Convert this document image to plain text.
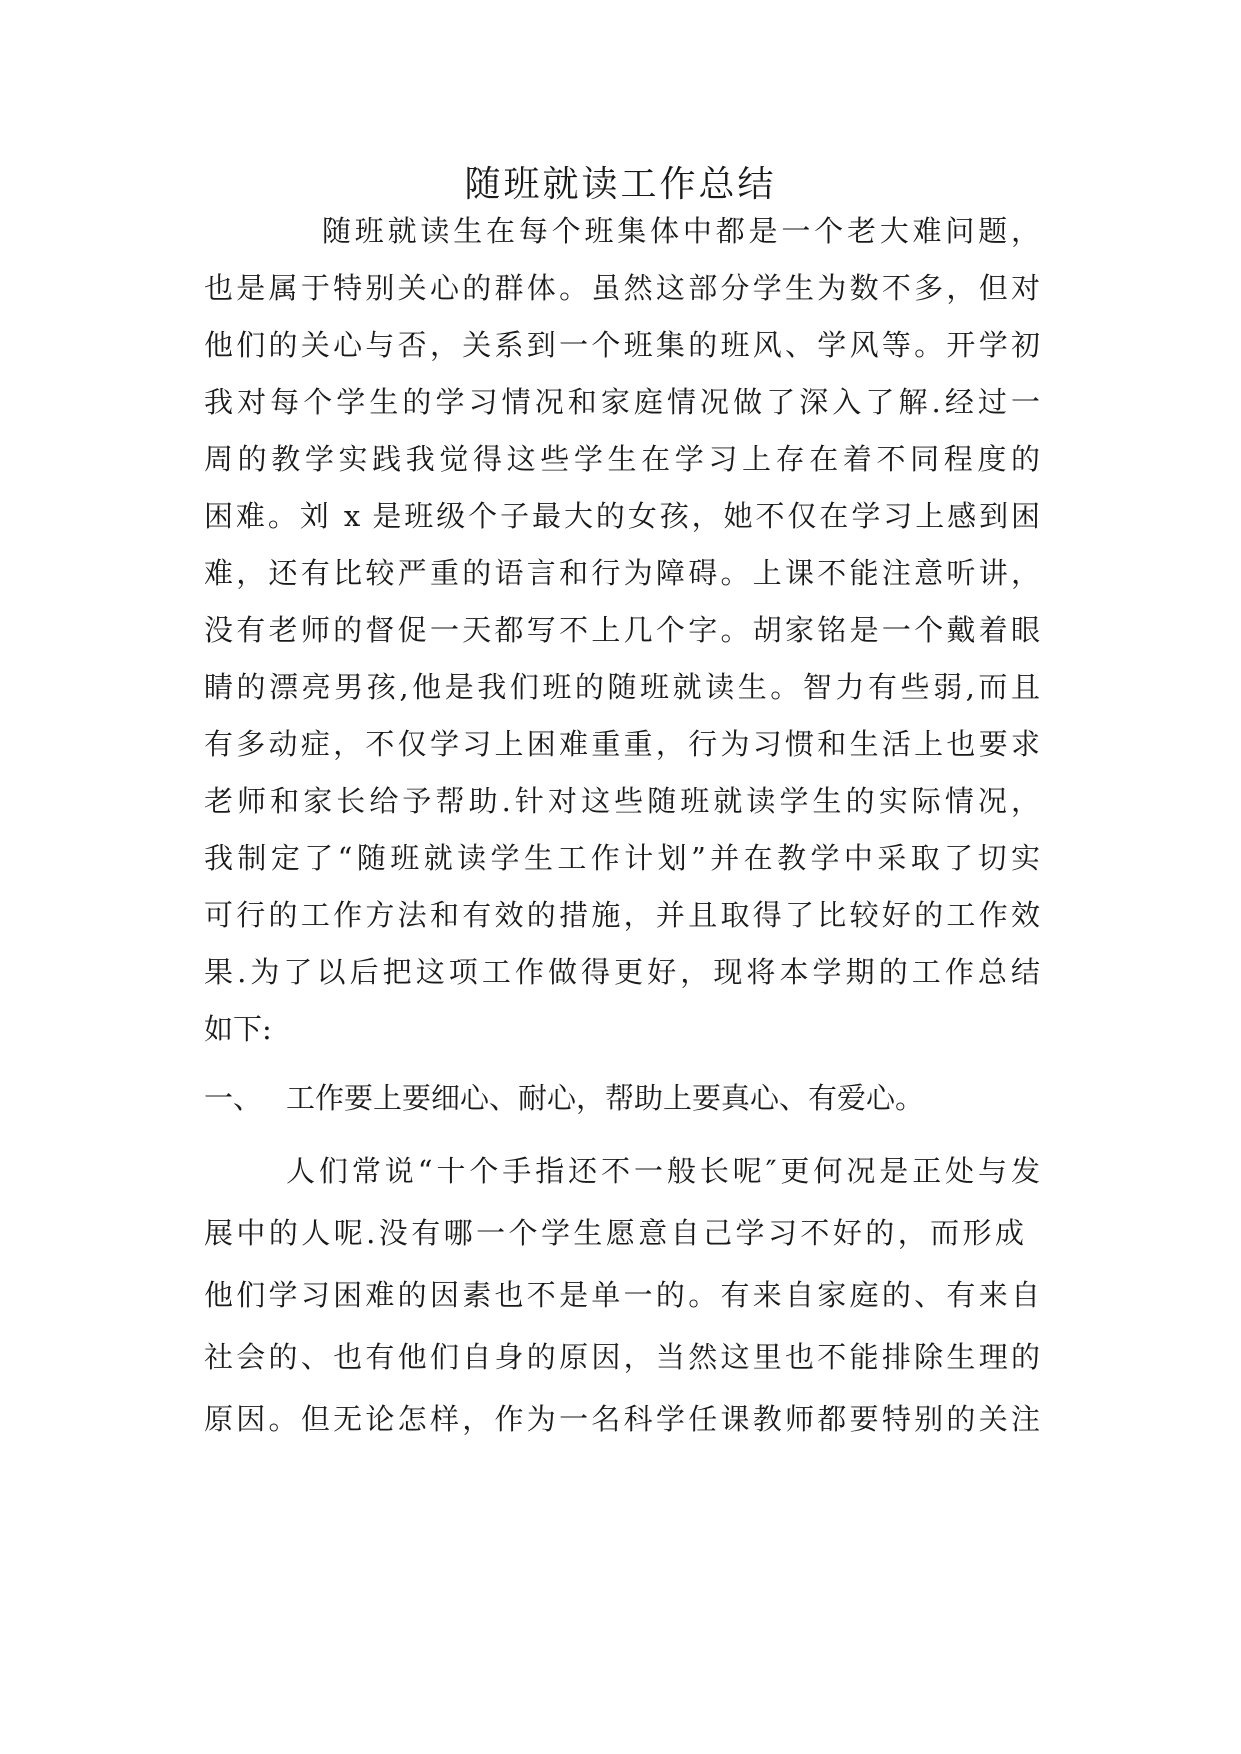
随班就读工作总结

随班就读生在每个班集体中都是一个老大难问题，

也是属于特别关心的群体。虽然这部分学生为数不多，但对

他们的关心与否，关系到一个班集的班风、学风等。开学初

我对每个学生的学习情况和家庭情况做了深入了解.经过一

周的教学实践我觉得这些学生在学习上存在着不同程度的

困难。刘 x 是班级个子最大的女孩，她不仅在学习上感到困

难，还有比较严重的语言和行为障碍。上课不能注意听讲，

没有老师的督促一天都写不上几个字。胡家铭是一个戴着眼

睛的漂亮男孩,他是我们班的随班就读生。智力有些弱,而且

有多动症，不仅学习上困难重重，行为习惯和生活上也要求

老师和家长给予帮助.针对这些随班就读学生的实际情况，

我制定了“随班就读学生工作计划”并在教学中采取了切实

可行的工作方法和有效的措施，并且取得了比较好的工作效

果.为了以后把这项工作做得更好，现将本学期的工作总结

如下:

一、 工作要上要细心、耐心，帮助上要真心、有爱心。

人们常说“十个手指还不一般长呢″更何况是正处与发

展中的人呢.没有哪一个学生愿意自己学习不好的，而形成

他们学习困难的因素也不是单一的。有来自家庭的、有来自

社会的、也有他们自身的原因，当然这里也不能排除生理的

原因。但无论怎样，作为一名科学任课教师都要特别的关注
